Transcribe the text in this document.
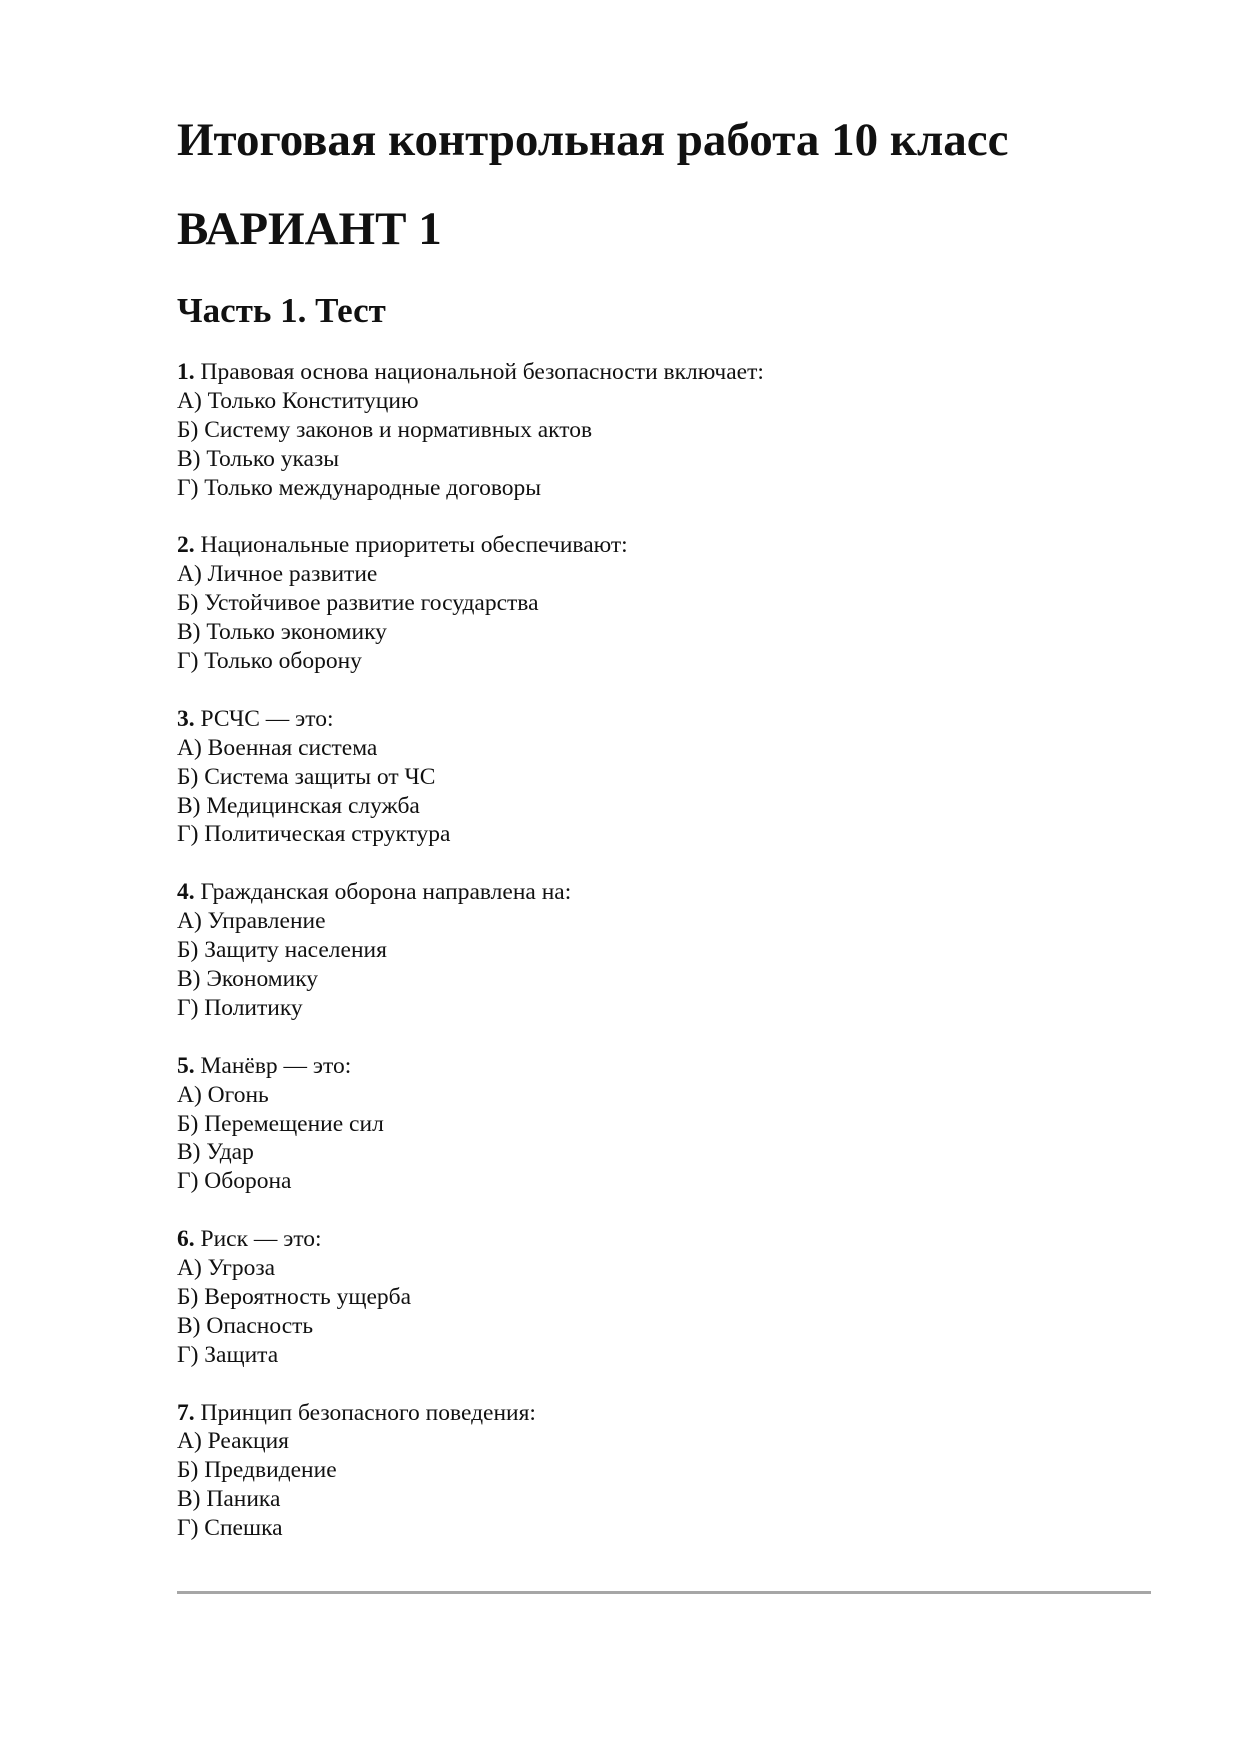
Итоговая контрольная работа 10 класс
ВАРИАНТ 1
Часть 1. Тест
1. Правовая основа национальной безопасности включает:
А) Только Конституцию
Б) Систему законов и нормативных актов
В) Только указы
Г) Только международные договоры
2. Национальные приоритеты обеспечивают:
А) Личное развитие
Б) Устойчивое развитие государства
В) Только экономику
Г) Только оборону
3. РСЧС — это:
А) Военная система
Б) Система защиты от ЧС
В) Медицинская служба
Г) Политическая структура
4. Гражданская оборона направлена на:
А) Управление
Б) Защиту населения
В) Экономику
Г) Политику
5. Манёвр — это:
А) Огонь
Б) Перемещение сил
В) Удар
Г) Оборона
6. Риск — это:
А) Угроза
Б) Вероятность ущерба
В) Опасность
Г) Защита
7. Принцип безопасного поведения:
А) Реакция
Б) Предвидение
В) Паника
Г) Спешка
